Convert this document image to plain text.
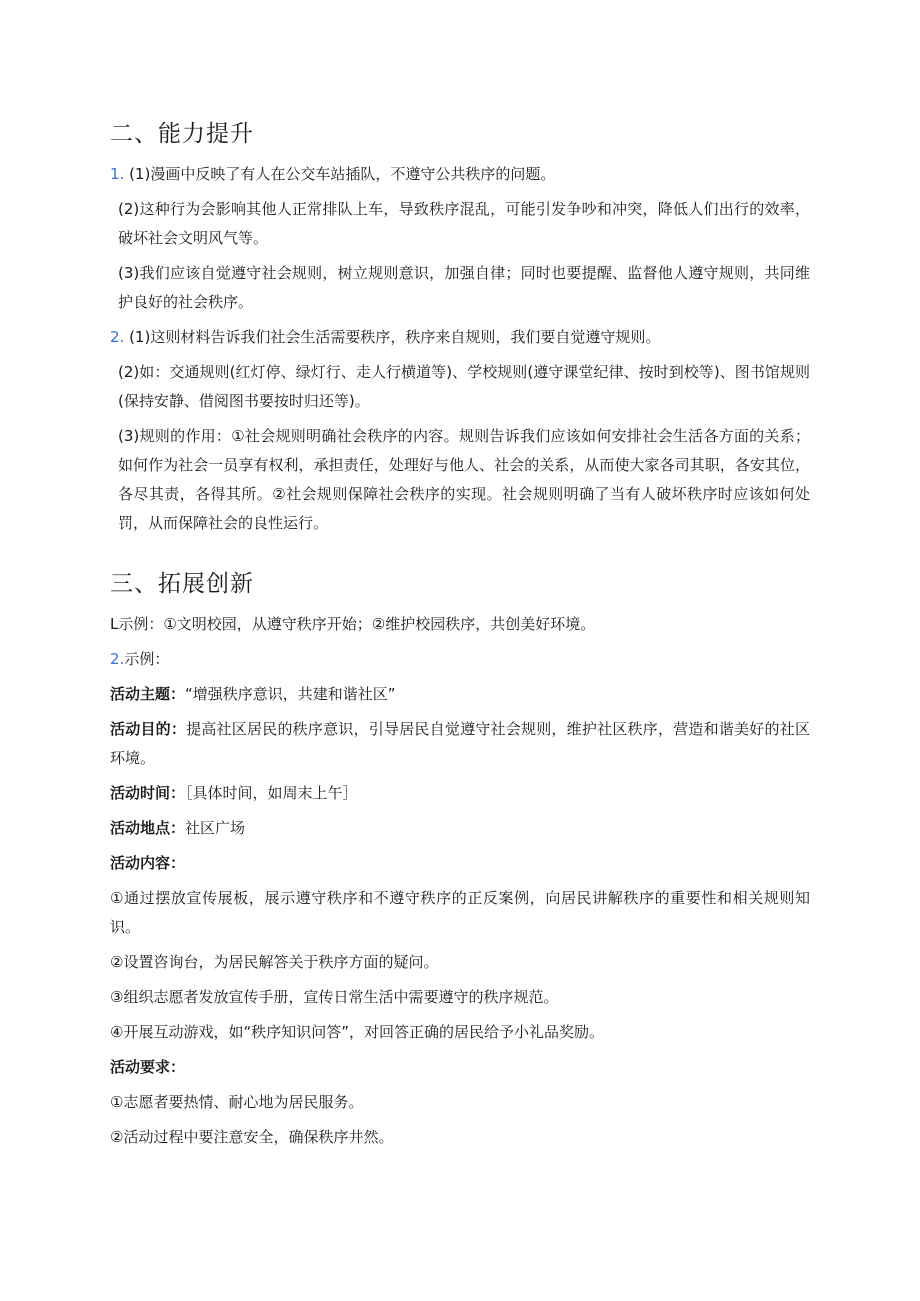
二、能力提升

1. (1)漫画中反映了有人在公交车站插队，不遵守公共秩序的问题。

(2)这种行为会影响其他人正常排队上车，导致秩序混乱，可能引发争吵和冲突，降低人们出行的效率，破坏社会文明风气等。

(3)我们应该自觉遵守社会规则，树立规则意识，加强自律；同时也要提醒、监督他人遵守规则，共同维护良好的社会秩序。

2. (1)这则材料告诉我们社会生活需要秩序，秩序来自规则，我们要自觉遵守规则。

(2)如：交通规则(红灯停、绿灯行、走人行横道等)、学校规则(遵守课堂纪律、按时到校等)、图书馆规则(保持安静、借阅图书要按时归还等)。

(3)规则的作用：①社会规则明确社会秩序的内容。规则告诉我们应该如何安排社会生活各方面的关系；如何作为社会一员享有权利，承担责任，处理好与他人、社会的关系，从而使大家各司其职，各安其位，各尽其责，各得其所。②社会规则保障社会秩序的实现。社会规则明确了当有人破坏秩序时应该如何处罚，从而保障社会的良性运行。

三、拓展创新

L示例：①文明校园，从遵守秩序开始；②维护校园秩序，共创美好环境。

2.示例：

活动主题：“增强秩序意识，共建和谐社区”

活动目的：提高社区居民的秩序意识，引导居民自觉遵守社会规则，维护社区秩序，营造和谐美好的社区环境。

活动时间：［具体时间，如周末上午］

活动地点：社区广场

活动内容：

①通过摆放宣传展板，展示遵守秩序和不遵守秩序的正反案例，向居民讲解秩序的重要性和相关规则知识。

②设置咨询台，为居民解答关于秩序方面的疑问。

③组织志愿者发放宣传手册，宣传日常生活中需要遵守的秩序规范。

④开展互动游戏，如“秩序知识问答”，对回答正确的居民给予小礼品奖励。

活动要求：

①志愿者要热情、耐心地为居民服务。

②活动过程中要注意安全，确保秩序井然。
